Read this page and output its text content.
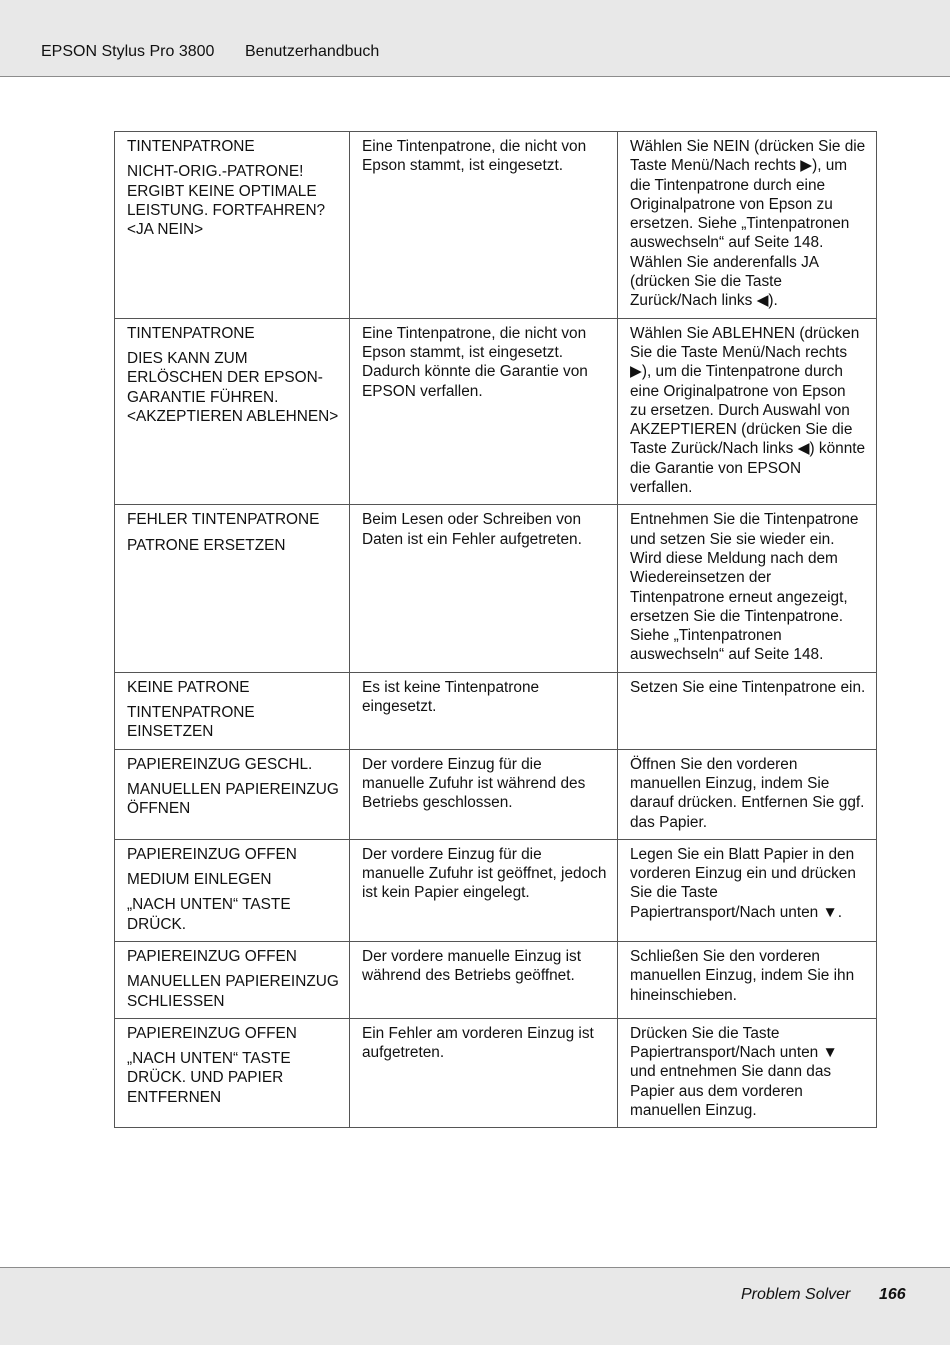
EPSON Stylus Pro 3800 Benutzerhandbuch

TINTENPATRONE

NICHT-ORIG.-PATRONE! ERGIBT KEINE OPTIMALE LEISTUNG. FORTFAHREN? <JA NEIN>	Eine Tintenpatrone, die nicht von Epson stammt, ist eingesetzt.	Wählen Sie NEIN (drücken Sie die Taste Menü/Nach rechts ▶), um die Tintenpatrone durch eine Originalpatrone von Epson zu ersetzen. Siehe „Tintenpatronen auswechseln“ auf Seite 148. Wählen Sie anderenfalls JA (drücken Sie die Taste Zurück/Nach links ◀).

TINTENPATRONE

DIES KANN ZUM ERLÖSCHEN DER EPSON-GARANTIE FÜHREN. <AKZEPTIEREN ABLEHNEN>	Eine Tintenpatrone, die nicht von Epson stammt, ist eingesetzt. Dadurch könnte die Garantie von EPSON verfallen.	Wählen Sie ABLEHNEN (drücken Sie die Taste Menü/Nach rechts ▶), um die Tintenpatrone durch eine Originalpatrone von Epson zu ersetzen. Durch Auswahl von AKZEPTIEREN (drücken Sie die Taste Zurück/Nach links ◀) könnte die Garantie von EPSON verfallen.

FEHLER TINTENPATRONE

PATRONE ERSETZEN	Beim Lesen oder Schreiben von Daten ist ein Fehler aufgetreten.	Entnehmen Sie die Tintenpatrone und setzen Sie sie wieder ein. Wird diese Meldung nach dem Wiedereinsetzen der Tintenpatrone erneut angezeigt, ersetzen Sie die Tintenpatrone. Siehe „Tintenpatronen auswechseln“ auf Seite 148.

KEINE PATRONE

TINTENPATRONE EINSETZEN	Es ist keine Tintenpatrone eingesetzt.	Setzen Sie eine Tintenpatrone ein.

PAPIEREINZUG GESCHL.

MANUELLEN PAPIEREINZUG ÖFFNEN	Der vordere Einzug für die manuelle Zufuhr ist während des Betriebs geschlossen.	Öffnen Sie den vorderen manuellen Einzug, indem Sie darauf drücken. Entfernen Sie ggf. das Papier.

PAPIEREINZUG OFFEN

MEDIUM EINLEGEN

„NACH UNTEN“ TASTE DRÜCK.	Der vordere Einzug für die manuelle Zufuhr ist geöffnet, jedoch ist kein Papier eingelegt.	Legen Sie ein Blatt Papier in den vorderen Einzug ein und drücken Sie die Taste Papiertransport/Nach unten ▼.

PAPIEREINZUG OFFEN

MANUELLEN PAPIEREINZUG SCHLIESSEN	Der vordere manuelle Einzug ist während des Betriebs geöffnet.	Schließen Sie den vorderen manuellen Einzug, indem Sie ihn hineinschieben.

PAPIEREINZUG OFFEN

„NACH UNTEN“ TASTE DRÜCK. UND PAPIER ENTFERNEN	Ein Fehler am vorderen Einzug ist aufgetreten.	Drücken Sie die Taste Papiertransport/Nach unten ▼ und entnehmen Sie dann das Papier aus dem vorderen manuellen Einzug.
Problem Solver 166
